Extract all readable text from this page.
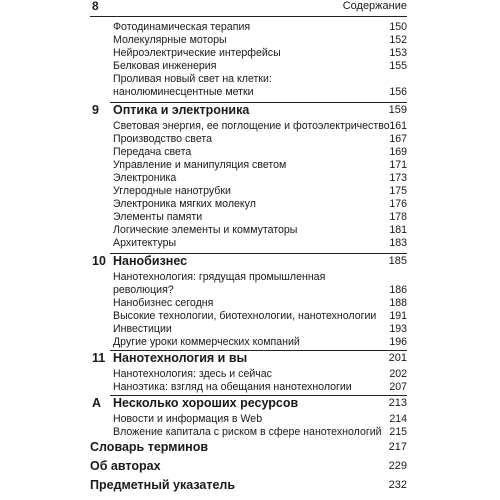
8	Содержание
Фотодинамическая терапия	150
Молекулярные моторы	152
Нейроэлектрические интерфейсы	153
Белковая инженерия	155
Проливая новый свет на клетки:
нанолюминесцентные метки	156
9 Оптика и электроника	159
Световая энергия, ее поглощение и фотоэлектричество 161
Производство света	167
Передача света	169
Управление и манипуляция светом	171
Электроника	173
Углеродные нанотрубки	175
Электроника мягких молекул	176
Элементы памяти	178
Логические элементы и коммутаторы	181
Архитектуры	183
10 Нанобизнес	185
Нанотехнология: грядущая промышленная
революция?	186
Нанобизнес сегодня	188
Высокие технологии, биотехнологии, нанотехнологии	191
Инвестиции	193
Другие уроки коммерческих компаний	196
11 Нанотехнология и вы	201
Нанотехнология: здесь и сейчас	202
Наноэтика: взгляд на обещания нанотехнологии	207
А Несколько хороших ресурсов	213
Новости и информация в Web	214
Вложение капитала с риском в сфере нанотехнологий 215
Словарь терминов	217
Об авторах	229
Предметный указатель	232
